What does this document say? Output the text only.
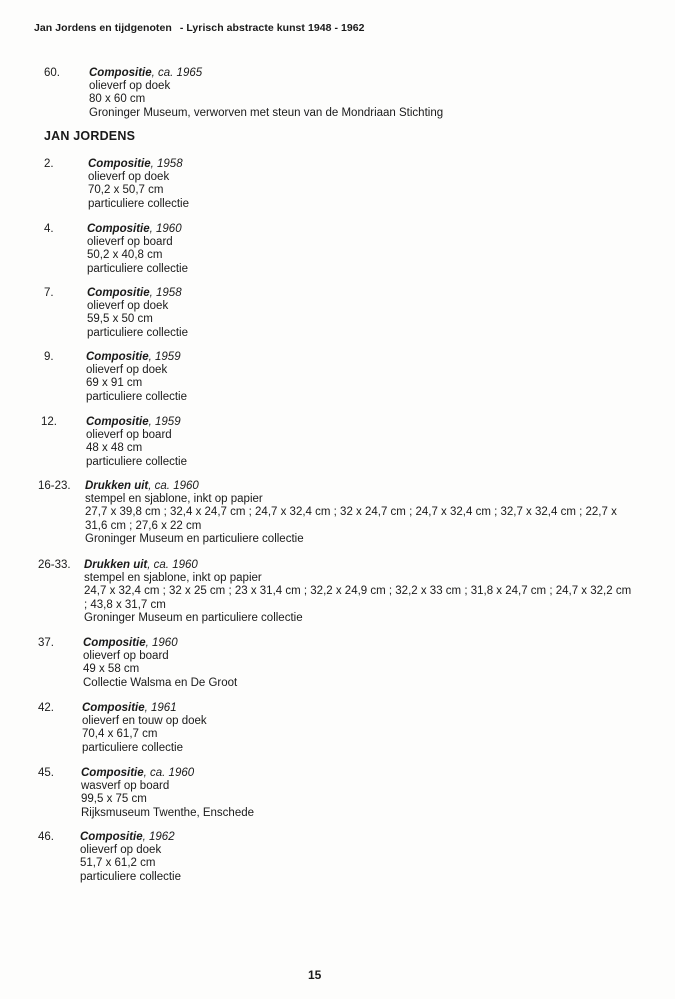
Jan Jordens en tijdgenoten - Lyrisch abstracte kunst 1948 - 1962
60.	Compositie, ca. 1965
olieverf op doek
80 x 60 cm
Groninger Museum, verworven met steun van de Mondriaan Stichting
JAN JORDENS
2.	Compositie, 1958
olieverf op doek
70,2 x 50,7 cm
particuliere collectie
4.	Compositie, 1960
olieverf op board
50,2 x 40,8 cm
particuliere collectie
7.	Compositie, 1958
olieverf op doek
59,5 x 50 cm
particuliere collectie
9.	Compositie, 1959
olieverf op doek
69 x 91 cm
particuliere collectie
12.	Compositie, 1959
olieverf op board
48 x 48 cm
particuliere collectie
16-23. Drukken uit, ca. 1960
stempel en sjablone, inkt op papier
27,7 x 39,8 cm ; 32,4 x 24,7 cm ; 24,7 x 32,4 cm ; 32 x 24,7 cm ; 24,7 x 32,4 cm ; 32,7 x 32,4 cm ; 22,7 x 31,6 cm ; 27,6 x 22 cm
Groninger Museum en particuliere collectie
26-33. Drukken uit, ca. 1960
stempel en sjablone, inkt op papier
24,7 x 32,4 cm ; 32 x 25 cm ; 23 x 31,4 cm ; 32,2 x 24,9 cm ; 32,2 x 33 cm ; 31,8 x 24,7 cm ; 24,7 x 32,2 cm ; 43,8 x 31,7 cm
Groninger Museum en particuliere collectie
37.	Compositie, 1960
olieverf op board
49 x 58 cm
Collectie Walsma en De Groot
42. Compositie, 1961
olieverf en touw op doek
70,4 x 61,7 cm
particuliere collectie
45. Compositie, ca. 1960
wasverf op board
99,5 x 75 cm
Rijksmuseum Twenthe, Enschede
46. Compositie, 1962
olieverf op doek
51,7 x 61,2 cm
particuliere collectie
15
